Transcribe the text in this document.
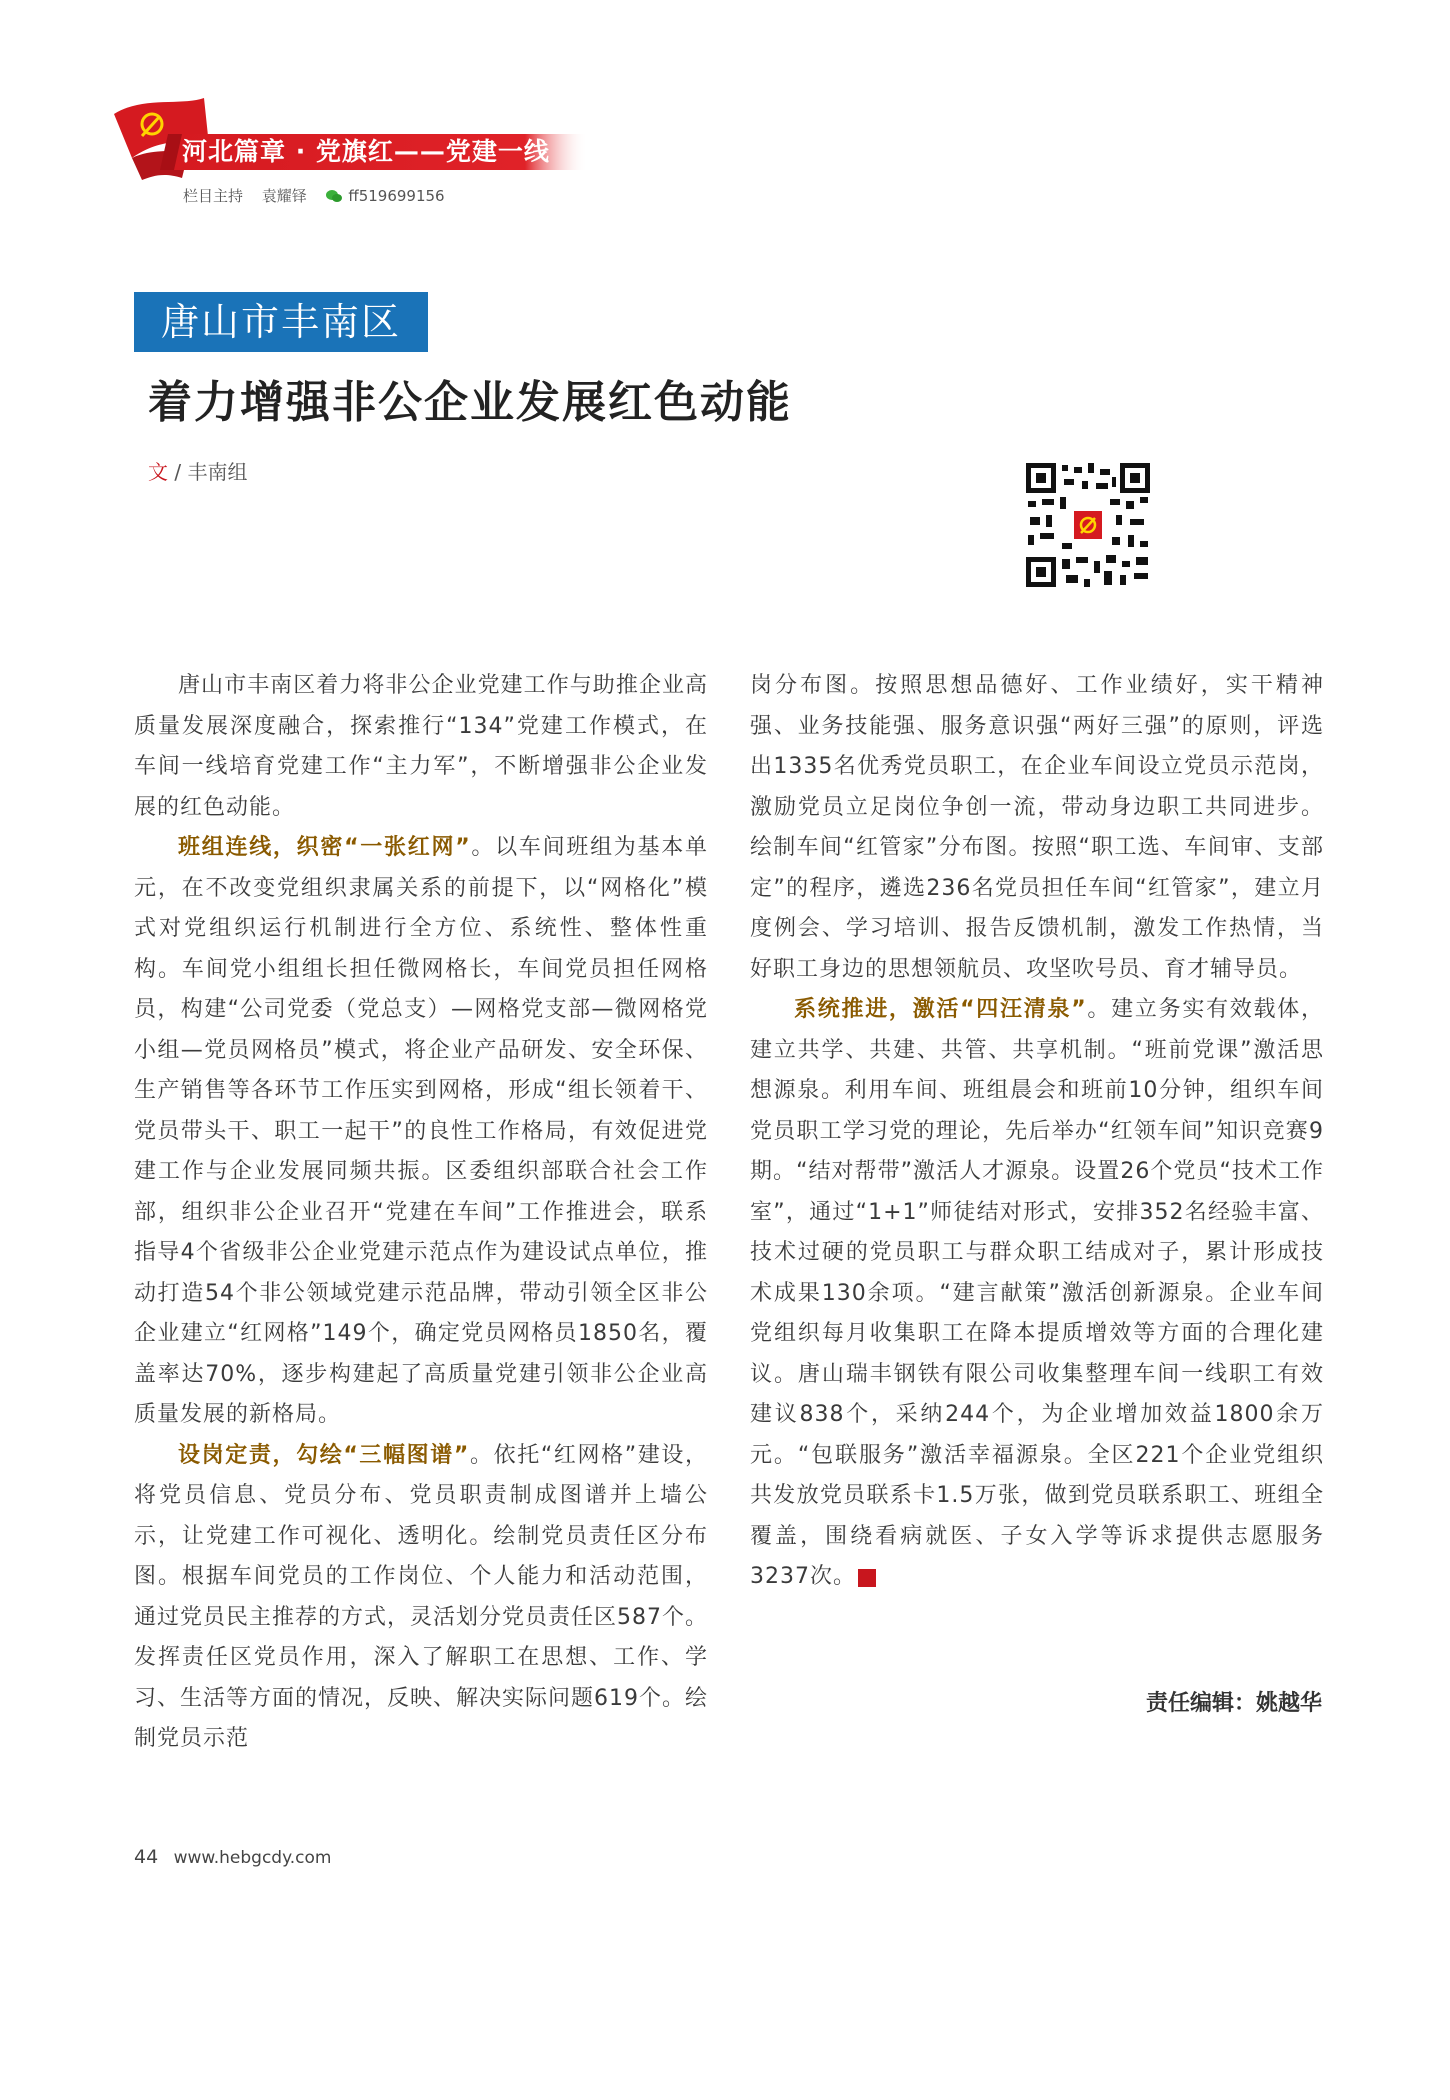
河北篇章 · 党旗红——党建一线
栏目主持 袁耀铎	ff519699156
唐山市丰南区
着力增强非公企业发展红色动能
文 / 丰南组

唐山市丰南区着力将非公企业党建工作与助推企业高质量发展深度融合，探索推行“134”党建工作模式，在车间一线培育党建工作“主力军”，不断增强非公企业发展的红色动能。

班组连线，织密“一张红网”。以车间班组为基本单元，在不改变党组织隶属关系的前提下，以“网格化”模式对党组织运行机制进行全方位、系统性、整体性重构。车间党小组组长担任微网格长，车间党员担任网格员，构建“公司党委（党总支）—网格党支部—微网格党小组—党员网格员”模式，将企业产品研发、安全环保、生产销售等各环节工作压实到网格，形成“组长领着干、党员带头干、职工一起干”的良性工作格局，有效促进党建工作与企业发展同频共振。区委组织部联合社会工作部，组织非公企业召开“党建在车间”工作推进会，联系指导4个省级非公企业党建示范点作为建设试点单位，推动打造54个非公领域党建示范品牌，带动引领全区非公企业建立“红网格”149个，确定党员网格员1850名，覆盖率达70%，逐步构建起了高质量党建引领非公企业高质量发展的新格局。

设岗定责，勾绘“三幅图谱”。依托“红网格”建设，将党员信息、党员分布、党员职责制成图谱并上墙公示，让党建工作可视化、透明化。绘制党员责任区分布图。根据车间党员的工作岗位、个人能力和活动范围，通过党员民主推荐的方式，灵活划分党员责任区587个。发挥责任区党员作用，深入了解职工在思想、工作、学习、生活等方面的情况，反映、解决实际问题619个。绘制党员示范

岗分布图。按照思想品德好、工作业绩好，实干精神强、业务技能强、服务意识强“两好三强”的原则，评选出1335名优秀党员职工，在企业车间设立党员示范岗，激励党员立足岗位争创一流，带动身边职工共同进步。绘制车间“红管家”分布图。按照“职工选、车间审、支部定”的程序，遴选236名党员担任车间“红管家”，建立月度例会、学习培训、报告反馈机制，激发工作热情，当好职工身边的思想领航员、攻坚吹号员、育才辅导员。

系统推进，激活“四汪清泉”。建立务实有效载体，建立共学、共建、共管、共享机制。“班前党课”激活思想源泉。利用车间、班组晨会和班前10分钟，组织车间党员职工学习党的理论，先后举办“红领车间”知识竞赛9期。“结对帮带”激活人才源泉。设置26个党员“技术工作室”，通过“1+1”师徒结对形式，安排352名经验丰富、技术过硬的党员职工与群众职工结成对子，累计形成技术成果130余项。“建言献策”激活创新源泉。企业车间党组织每月收集职工在降本提质增效等方面的合理化建议。唐山瑞丰钢铁有限公司收集整理车间一线职工有效建议838个，采纳244个，为企业增加效益1800余万元。“包联服务”激活幸福源泉。全区221个企业党组织共发放党员联系卡1.5万张，做到党员联系职工、班组全覆盖，围绕看病就医、子女入学等诉求提供志愿服务3237次。	且

责任编辑：姚越华
44 www.hebgcdy.com
